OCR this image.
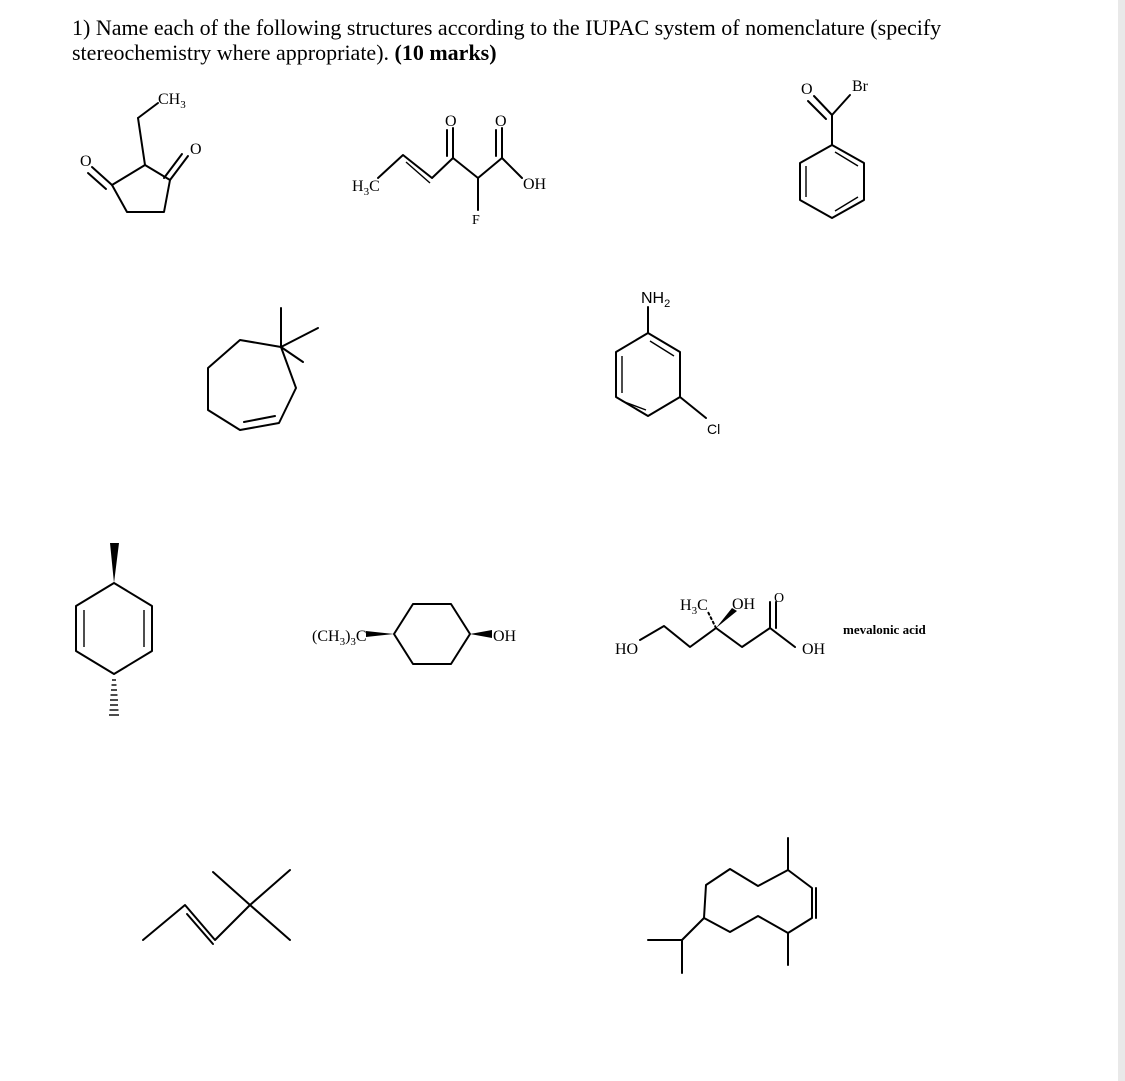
1) Name each of the following structures according to the IUPAC system of nomenclature (specify stereochemistry where appropriate). (10 marks)
$CH_3$
O
O
$H_3C$
O O
OH
F
O Br
$NH_2$
Cl
$(CH_3)_3C$	OH
$H_3C$ OH O
HO	OH
mevalonic acid
